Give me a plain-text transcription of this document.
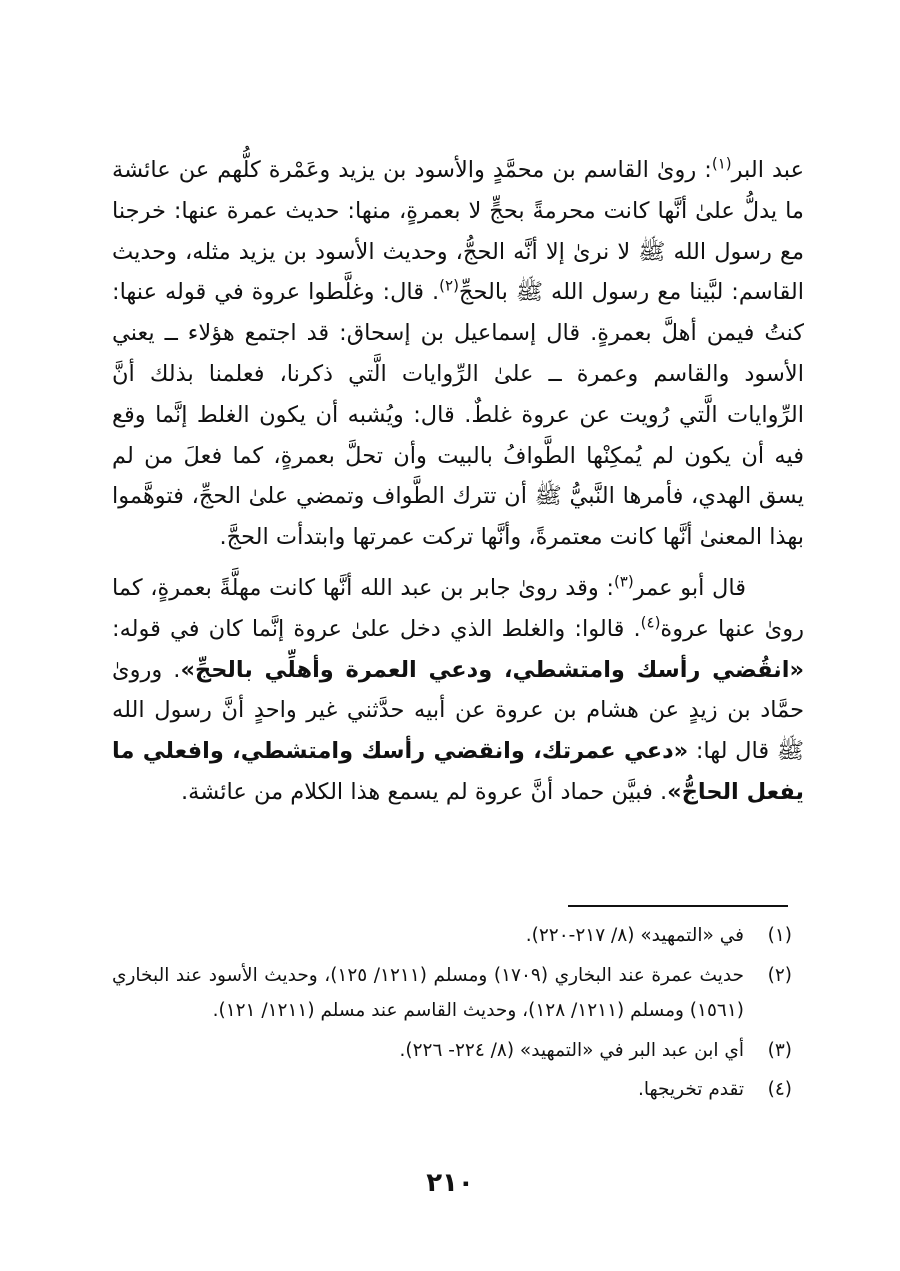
عبد البر$^{(١)}$: روىٰ القاسم بن محمَّدٍ والأسود بن يزيد وعَمْرة كلُّهم عن عائشة ما يدلُّ علىٰ أنَّها كانت محرمةً بحجٍّ لا بعمرةٍ، منها: حديث عمرة عنها: خرجنا مع رسول الله ﷺ لا نرىٰ إلا أنَّه الحجُّ، وحديث الأسود بن يزيد مثله، وحديث القاسم: لبَّينا مع رسول الله ﷺ بالحجِّ$^{(٢)}$. قال: وغلَّطوا عروة في قوله عنها: كنتُ فيمن أهلَّ بعمرةٍ. قال إسماعيل بن إسحاق: قد اجتمع هؤلاء ــ يعني الأسود والقاسم وعمرة ــ علىٰ الرِّوايات الَّتي ذكرنا، فعلمنا بذلك أنَّ الرِّوايات الَّتي رُويت عن عروة غلطٌ. قال: ويُشبه أن يكون الغلط إنَّما وقع فيه أن يكون لم يُمكِنْها الطَّوافُ بالبيت وأن تحلَّ بعمرةٍ، كما فعلَ من لم يسق الهدي، فأمرها النَّبيُّ ﷺ أن تترك الطَّواف وتمضي علىٰ الحجِّ، فتوهَّموا بهذا المعنىٰ أنَّها كانت معتمرةً، وأنَّها تركت عمرتها وابتدأت الحجَّ.

قال أبو عمر$^{(٣)}$: وقد روىٰ جابر بن عبد الله أنَّها كانت مهلَّةً بعمرةٍ، كما روىٰ عنها عروة$^{(٤)}$. قالوا: والغلط الذي دخل علىٰ عروة إنَّما كان في قوله: «انقُضي رأسك وامتشطي، ودعي العمرة وأهلِّي بالحجِّ». وروىٰ حمَّاد بن زيدٍ عن هشام بن عروة عن أبيه حدَّثني غير واحدٍ أنَّ رسول الله ﷺ قال لها: «دعي عمرتك، وانقضي رأسك وامتشطي، وافعلي ما يفعل الحاجُّ». فبيَّن حماد أنَّ عروة لم يسمع هذا الكلام من عائشة.

(١)
في «التمهيد» (٨/ ٢١٧-٢٢٠).
(٢)
حديث عمرة عند البخاري (١٧٠٩) ومسلم (١٢١١/ ١٢٥)، وحديث الأسود عند البخاري (١٥٦١) ومسلم (١٢١١/ ١٢٨)، وحديث القاسم عند مسلم (١٢١١/ ١٢١).
(٣)
أي ابن عبد البر في «التمهيد» (٨/ ٢٢٤- ٢٢٦).
(٤)
تقدم تخريجها.
٢١٠
